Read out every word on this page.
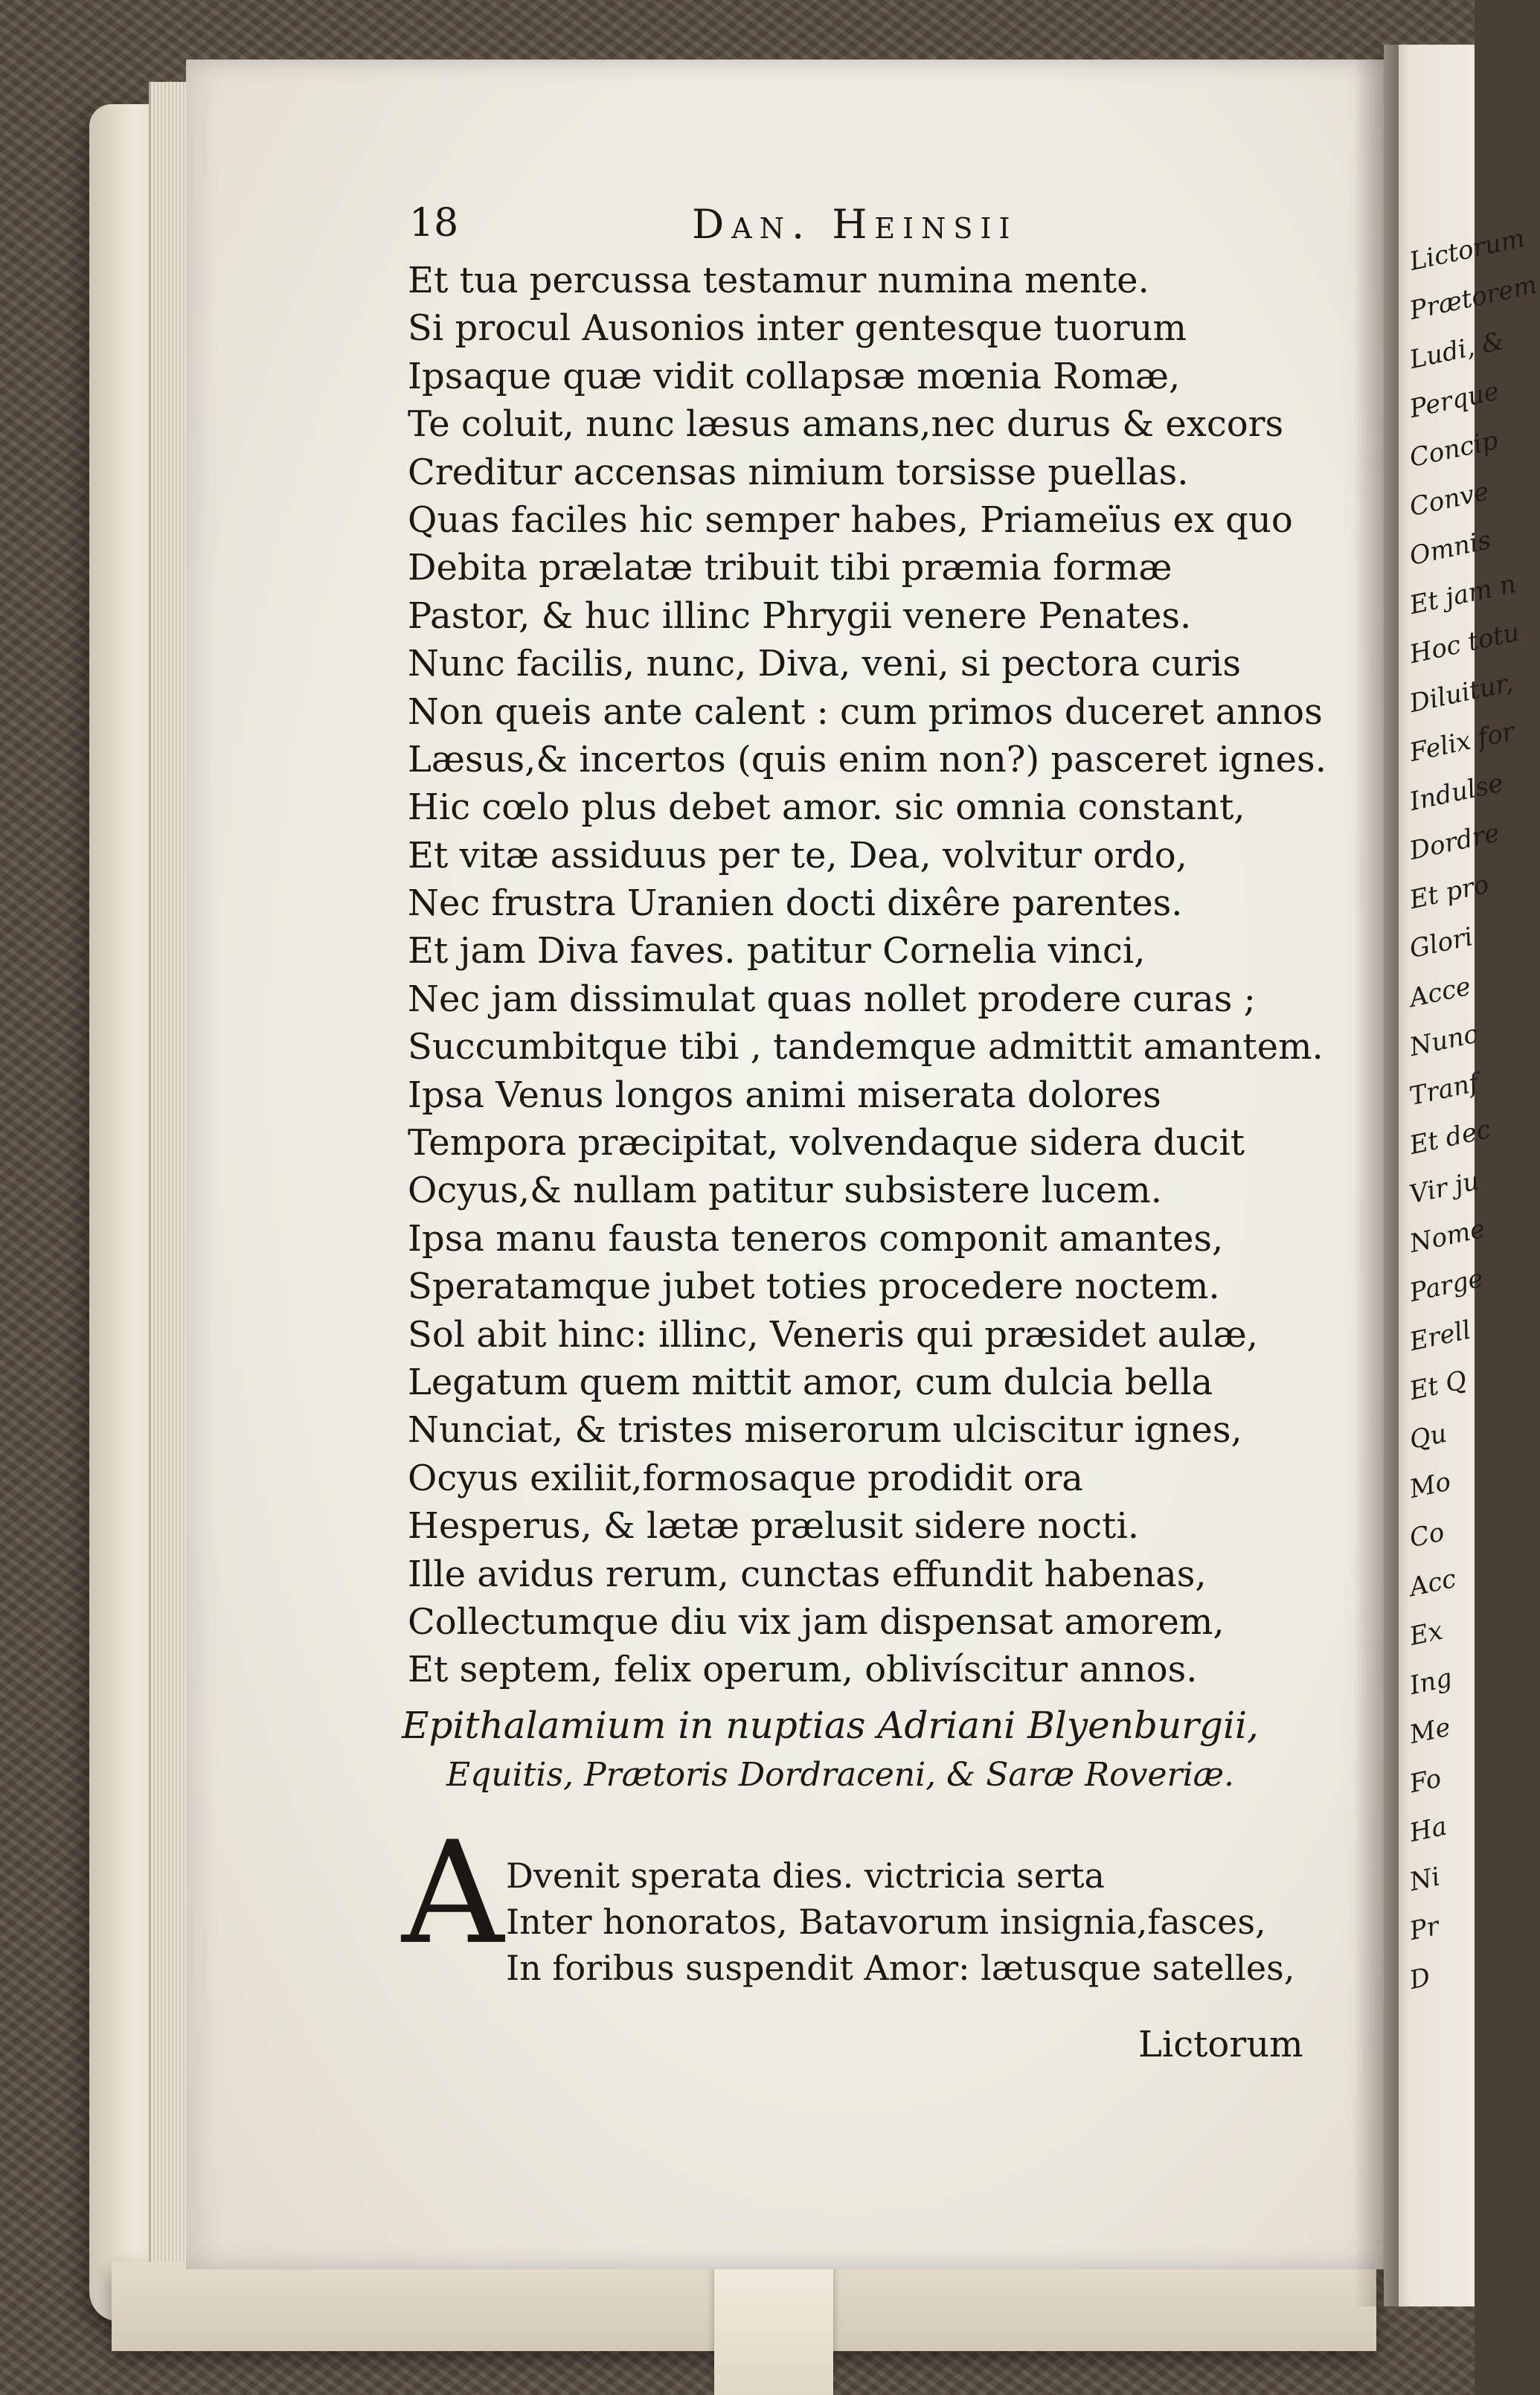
Lictorum
Prætorem
Ludi, &
Perque
Concip
Conve
Omnis
Et jam n
Hoc totu
Diluitur,
Felix for
Indulse
Dordre
Et pro
Glori
Acce
Nunc
Tranf
Et dec
Vir ju
Nome
Parge
Erell
Et Q
Qu
Mo
Co
Acc
Ex
Ing
Me
Fo
Ha
Ni
Pr
D
18	Dan. Heinsii
Et tua percussa testamur numina mente.
Si procul Ausonios inter gentesque tuorum
Ipsaque quæ vidit collapsæ mœnia Romæ,
Te coluit, nunc læsus amans,nec durus & excors
Creditur accensas nimium torsisse puellas.
Quas faciles hic semper habes, Priameïus ex quo
Debita prælatæ tribuit tibi præmia formæ
Pastor, & huc illinc Phrygii venere Penates.
Nunc facilis, nunc, Diva, veni, si pectora curis
Non queis ante calent : cum primos duceret annos
Læsus,& incertos (quis enim non?) pasceret ignes.
Hic cœlo plus debet amor. sic omnia constant,
Et vitæ assiduus per te, Dea, volvitur ordo,
Nec frustra Uranien docti dixêre parentes.
Et jam Diva faves. patitur Cornelia vinci,
Nec jam dissimulat quas nollet prodere curas ;
Succumbitque tibi , tandemque admittit amantem.
Ipsa Venus longos animi miserata dolores
Tempora præcipitat, volvendaque sidera ducit
Ocyus,& nullam patitur subsistere lucem.
Ipsa manu fausta teneros componit amantes,
Speratamque jubet toties procedere noctem.
Sol abit hinc: illinc, Veneris qui præsidet aulæ,
Legatum quem mittit amor, cum dulcia bella
Nunciat, & tristes miserorum ulciscitur ignes,
Ocyus exiliit,formosaque prodidit ora
Hesperus, & lætæ prælusit sidere nocti.
Ille avidus rerum, cunctas effundit habenas,
Collectumque diu vix jam dispensat amorem,
Et septem, felix operum, oblivíscitur annos.
Epithalamium in nuptias Adriani Blyenburgii,
Equitis, Prætoris Dordraceni, & Saræ Roveriæ.
A Dvenit sperata dies. victricia serta
Inter honoratos, Batavorum insignia,fasces,
In foribus suspendit Amor: lætusque satelles,
Lictorum
